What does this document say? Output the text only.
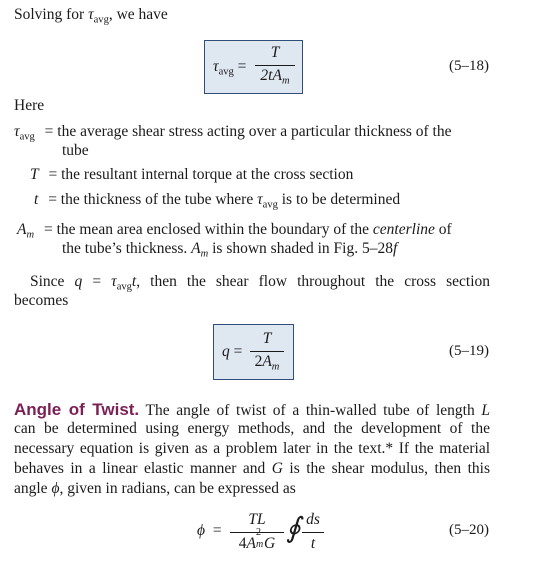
Solving for $\tau_{avg}$, we have
$\tau_{avg}$ =
T
$2tA_m$
(5–18)
Here
$\tau_{avg}$ = the average shear stress acting over a particular thickness of the
tube
T = the resultant internal torque at the cross section
t = the thickness of the tube where $\tau_{avg}$ is to be determined
$A_m$ = the mean area enclosed within the boundary of the centerline of
the tube’s thickness. $A_m$ is shown shaded in Fig. 5–28f
Since $q = \tau_{avg}t$, then the shear flow throughout the cross section
becomes
q =
T
$2A_m$
(5–19)
Angle of Twist. The angle of twist of a thin-walled tube of length L
can be determined using energy methods, and the development of the
necessary equation is given as a problem later in the text.* If the material
behaves in a linear elastic manner and G is the shear modulus, then this
angle ϕ, given in radians, can be expressed as
ϕ =
TL
4A
2
m G ∮ ds
t
(5–20)
